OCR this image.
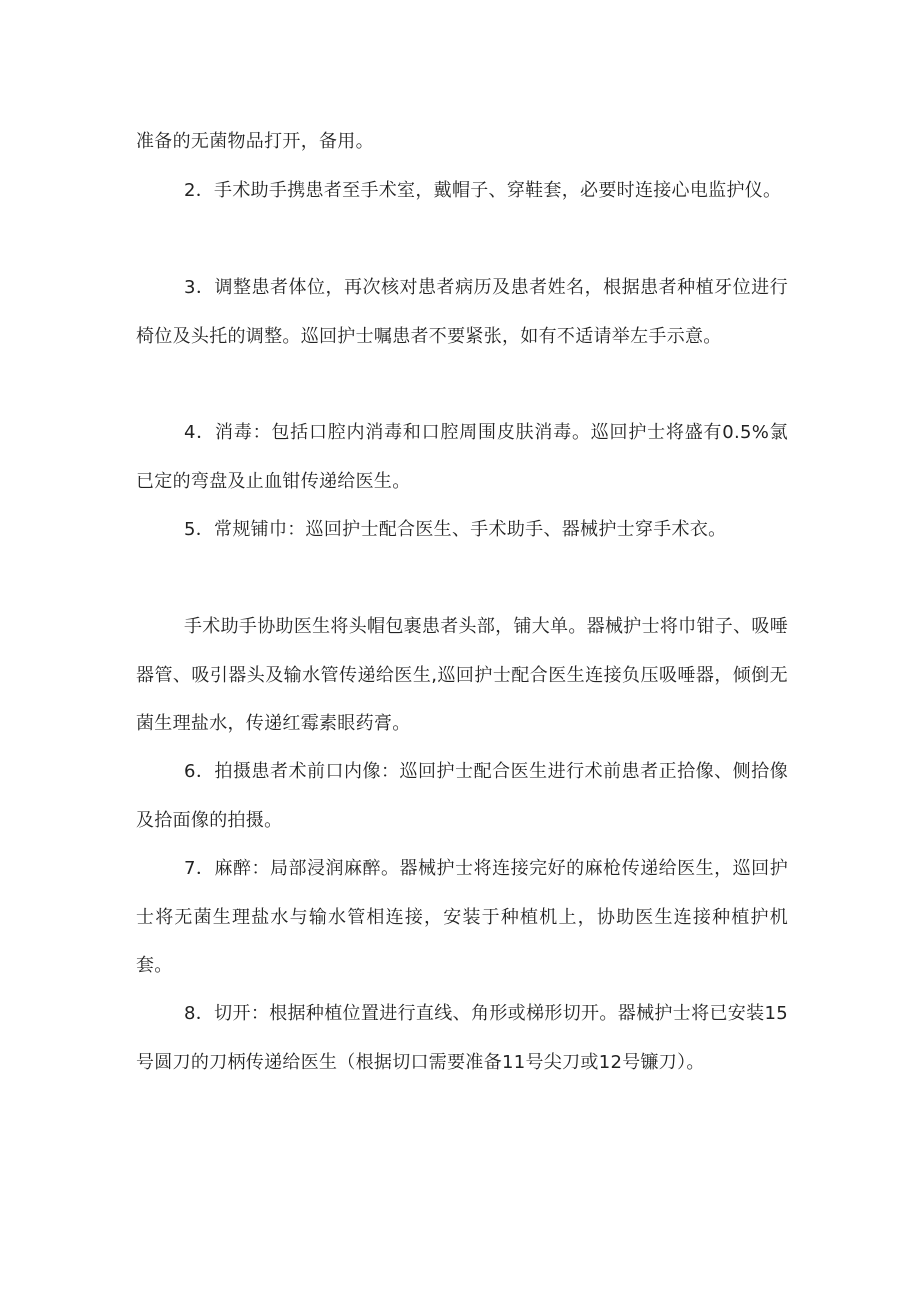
准备的无菌物品打开，备用。

2．手术助手携患者至手术室，戴帽子、穿鞋套，必要时连接心电监护仪。

3．调整患者体位，再次核对患者病历及患者姓名，根据患者种植牙位进行椅位及头托的调整。巡回护士嘱患者不要紧张，如有不适请举左手示意。

4．消毒：包括口腔内消毒和口腔周围皮肤消毒。巡回护士将盛有0.5%氯已定的弯盘及止血钳传递给医生。

5．常规铺巾：巡回护士配合医生、手术助手、器械护士穿手术衣。

手术助手协助医生将头帽包裹患者头部，铺大单。器械护士将巾钳子、吸唾器管、吸引器头及输水管传递给医生,巡回护士配合医生连接负压吸唾器，倾倒无菌生理盐水，传递红霉素眼药膏。

6．拍摄患者术前口内像：巡回护士配合医生进行术前患者正拾像、侧拾像及拾面像的拍摄。

7．麻醉：局部浸润麻醉。器械护士将连接完好的麻枪传递给医生，巡回护士将无菌生理盐水与输水管相连接，安装于种植机上，协助医生连接种植护机套。

8．切开：根据种植位置进行直线、角形或梯形切开。器械护士将已安装15号圆刀的刀柄传递给医生（根据切口需要准备11号尖刀或12号镰刀）。
